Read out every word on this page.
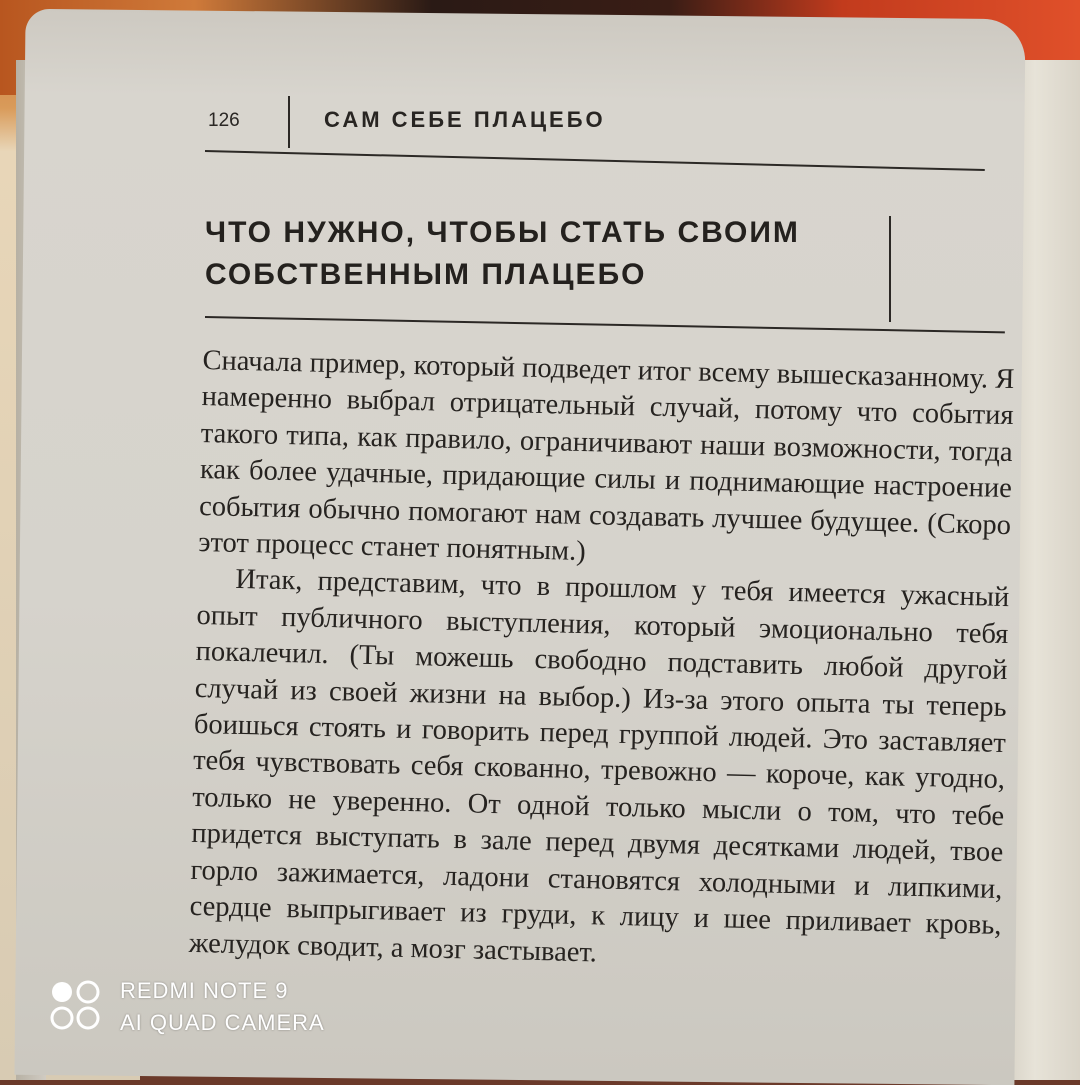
126	САМ СЕБЕ ПЛАЦЕБО
ЧТО НУЖНО, ЧТОБЫ СТАТЬ СВОИМ СОБСТВЕННЫМ ПЛАЦЕБО

Сначала пример, который подведет итог всему вышесказанному. Я намеренно выбрал отрицательный случай, потому что события такого типа, как правило, ограничивают наши возможности, тогда как более удачные, придающие силы и поднимающие настроение события обычно помогают нам создавать лучшее будущее. (Скоро этот процесс станет понятным.)

Итак, представим, что в прошлом у тебя имеется ужасный опыт публичного выступления, который эмоционально тебя покалечил. (Ты можешь свободно подставить любой другой случай из своей жизни на выбор.) Из-за этого опыта ты теперь боишься стоять и говорить перед группой людей. Это заставляет тебя чувствовать себя скованно, тревожно — короче, как угодно, только не уверенно. От одной только мысли о том, что тебе придется выступать в зале перед двумя десятками людей, твое горло зажимается, ладони становятся холодными и липкими, сердце выпрыгивает из груди, к лицу и шее приливает кровь, желудок сводит, а мозг застывает.

REDMI NOTE 9
AI QUAD CAMERA
